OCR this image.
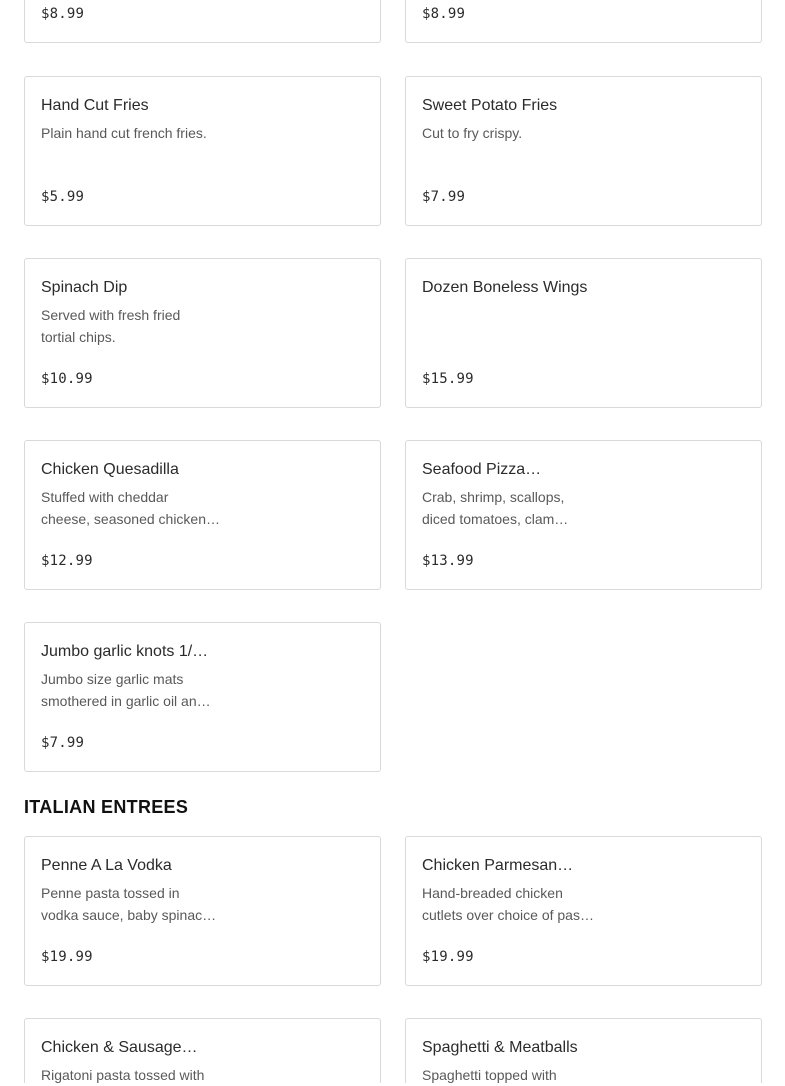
$8.99	$8.99
Hand Cut Fries
Plain hand cut french fries.
$5.99
Sweet Potato Fries
Cut to fry crispy.
$7.99
Spinach Dip
Served with fresh fried
tortial chips.
$10.99
Dozen Boneless Wings
$15.99
Chicken Quesadilla
Stuffed with cheddar
cheese, seasoned chicken…
$12.99
Seafood Pizza…
Crab, shrimp, scallops,
diced tomatoes, clam…
$13.99
Jumbo garlic knots 1/…
Jumbo size garlic mats
smothered in garlic oil an…
$7.99
ITALIAN ENTREES
Penne A La Vodka
Penne pasta tossed in
vodka sauce, baby spinac…
$19.99
Chicken Parmesan…
Hand-breaded chicken
cutlets over choice of pas…
$19.99
Chicken & Sausage…
Rigatoni pasta tossed with
Spaghetti & Meatballs
Spaghetti topped with
